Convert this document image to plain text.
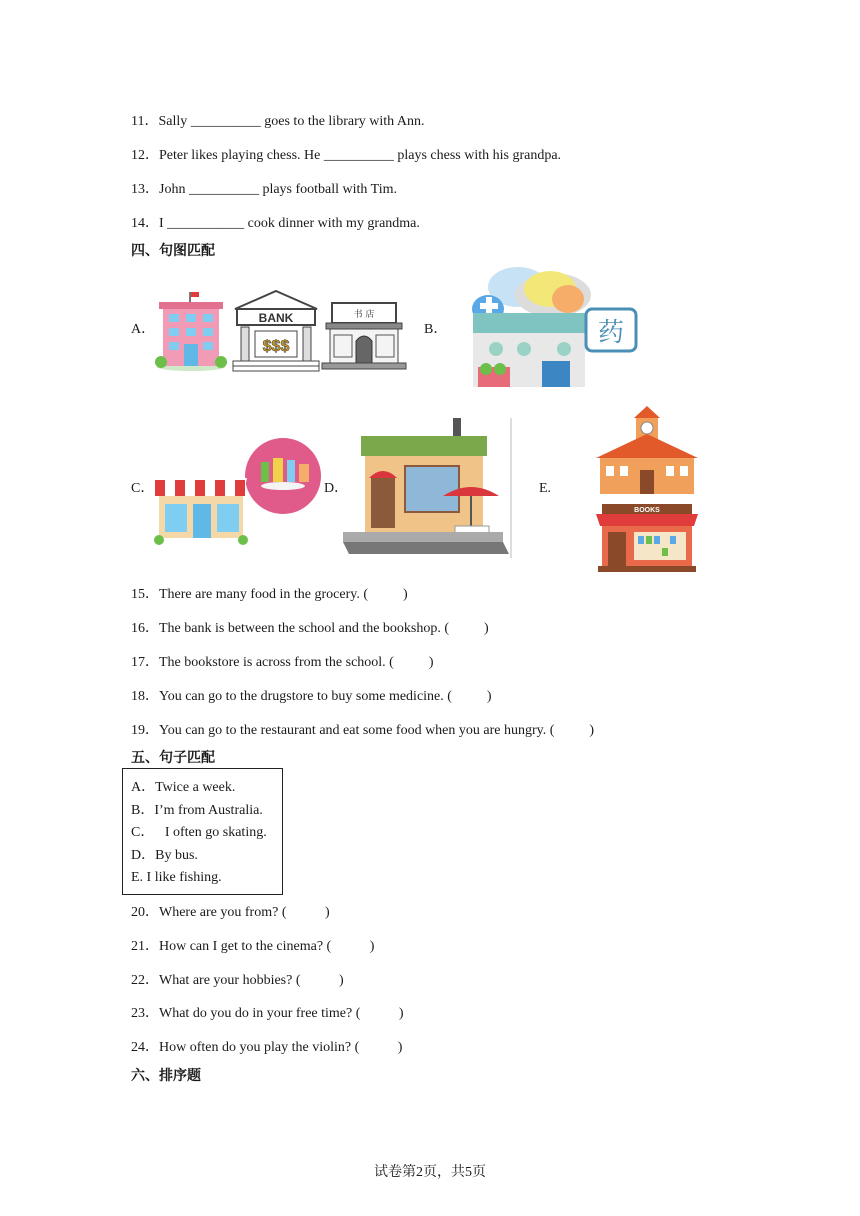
11．Sally __________ goes to the library with Ann.
12．Peter likes playing chess. He __________ plays chess with his grandpa.
13．John __________ plays football with Tim.
14．I ___________ cook dinner with my grandma.
四、句图匹配
A．	B．
C．	D．	E.
BANK
$$$
书 店
药
BOOKS
15．There are many food in the grocery. (          )
16．The bank is between the school and the bookshop. (          )
17．The bookstore is across from the school. (          )
18．You can go to the drugstore to buy some medicine. (          )
19．You can go to the restaurant and eat some food when you are hungry. (          )
五、句子匹配
A．Twice a week.
B．I’m from Australia.
C．   I often go skating.
D．By bus.
E. I like fishing.
20．Where are you from? (           )
21．How can I get to the cinema? (           )
22．What are your hobbies? (           )
23．What do you do in your free time? (           )
24．How often do you play the violin? (           )
六、排序题
试卷第2页，共5页
